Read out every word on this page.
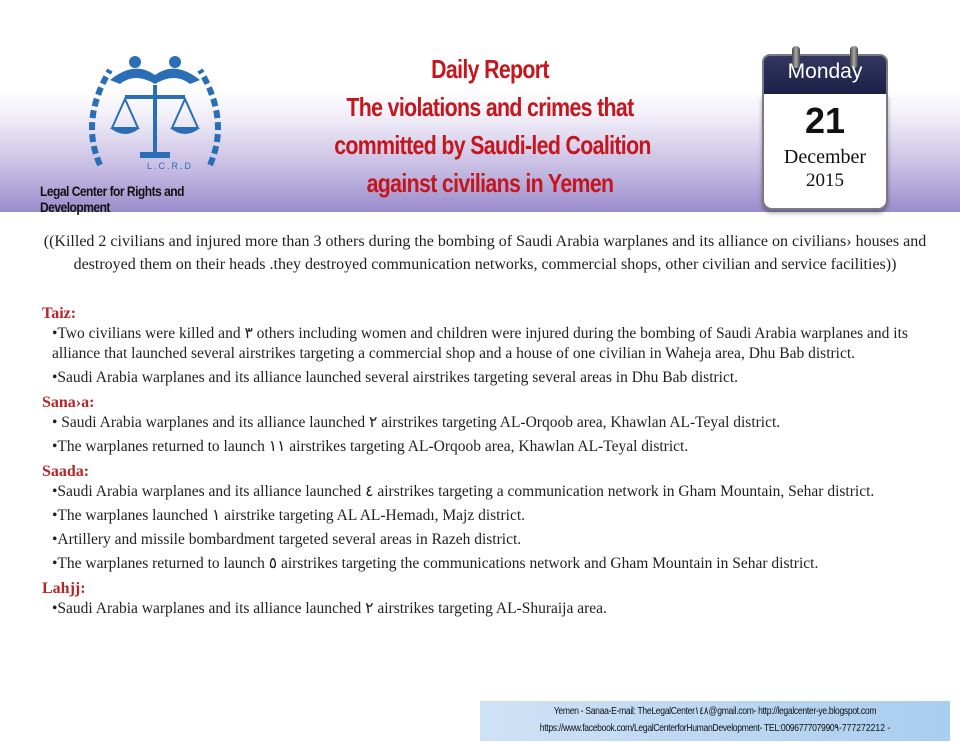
L.C.R.D
Legal Center for Rights and Development
Daily Report
The violations and crimes that
committed by Saudi-led Coalition
against civilians in Yemen
Monday
21
December
2015
((Killed 2 civilians and injured more than 3 others during the bombing of Saudi Arabia warplanes and its alliance on civilians› houses and destroyed them on their heads .they destroyed communication networks, commercial shops, other civilian and service facilities))

Taiz:

•Two civilians were killed and ٣ others including women and children were injured during the bombing of Saudi Arabia warplanes and its alliance that launched several airstrikes targeting a commercial shop and a house of one civilian in Waheja area, Dhu Bab district.

•Saudi Arabia warplanes and its alliance launched several airstrikes targeting several areas in Dhu Bab district.

Sana›a:

• Saudi Arabia warplanes and its alliance launched ٢ airstrikes targeting AL-Orqoob area, Khawlan AL-Teyal district.

•The warplanes returned to launch ١١ airstrikes targeting AL-Orqoob area, Khawlan AL-Teyal district.

Saada:

•Saudi Arabia warplanes and its alliance launched ٤ airstrikes targeting a communication network in Gham Mountain, Sehar district.

•The warplanes launched ١ airstrike targeting AL AL-Hemadı, Majz district.

•Artillery and missile bombardment targeted several areas in Razeh district.

•The warplanes returned to launch ٥ airstrikes targeting the communications network and Gham Mountain in Sehar district.

Lahjj:

•Saudi Arabia warplanes and its alliance launched ٢ airstrikes targeting AL-Shuraija area.

Yemen - Sanaa-E-mail: TheLegalCenter١٤٨@gmail.com- http://legalcenter-ye.blogspot.com
https://www.facebook.com/LegalCenterforHumanDevelopment- TEL:009677707990٩-777272212 -
